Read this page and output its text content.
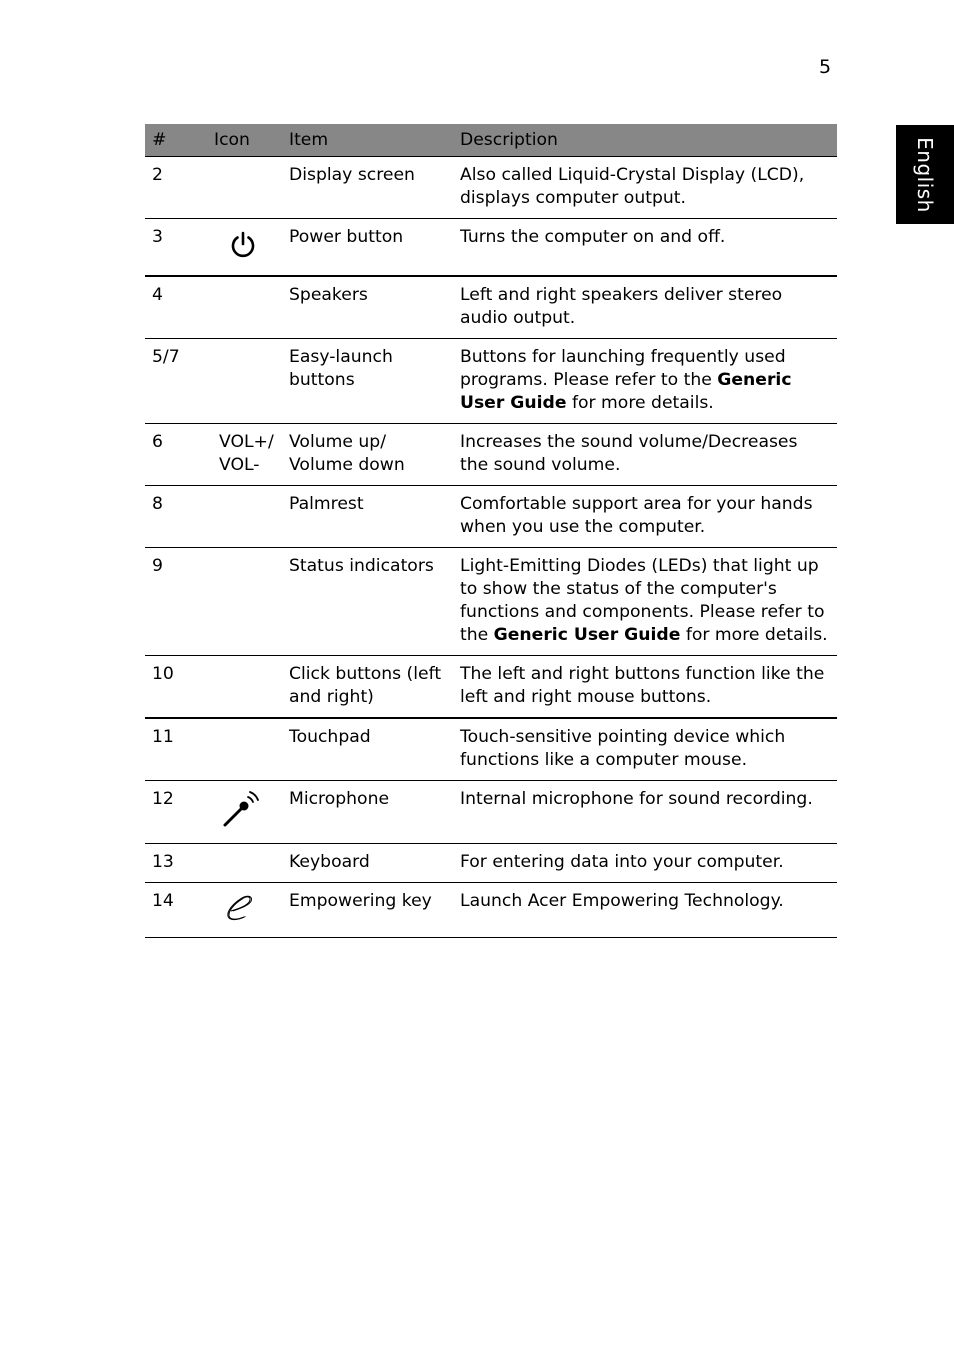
5
English
#	Icon	Item	Description
2		Display screen	Also called Liquid-Crystal Display (LCD), displays computer output.
3		Power button	Turns the computer on and off.
4		Speakers	Left and right speakers deliver stereo audio output.
5/7		Easy-launch buttons	Buttons for launching frequently used programs. Please refer to the Generic User Guide for more details.
6	VOL+/ VOL-	Volume up/ Volume down	Increases the sound volume/Decreases the sound volume.
8		Palmrest	Comfortable support area for your hands when you use the computer.
9		Status indicators	Light-Emitting Diodes (LEDs) that light up to show the status of the computer's functions and components. Please refer to the Generic User Guide for more details.
10		Click buttons (left and right)	The left and right buttons function like the left and right mouse buttons.
11		Touchpad	Touch-sensitive pointing device which functions like a computer mouse.
12		Microphone	Internal microphone for sound recording.
13		Keyboard	For entering data into your computer.
14		Empowering key	Launch Acer Empowering Technology.
